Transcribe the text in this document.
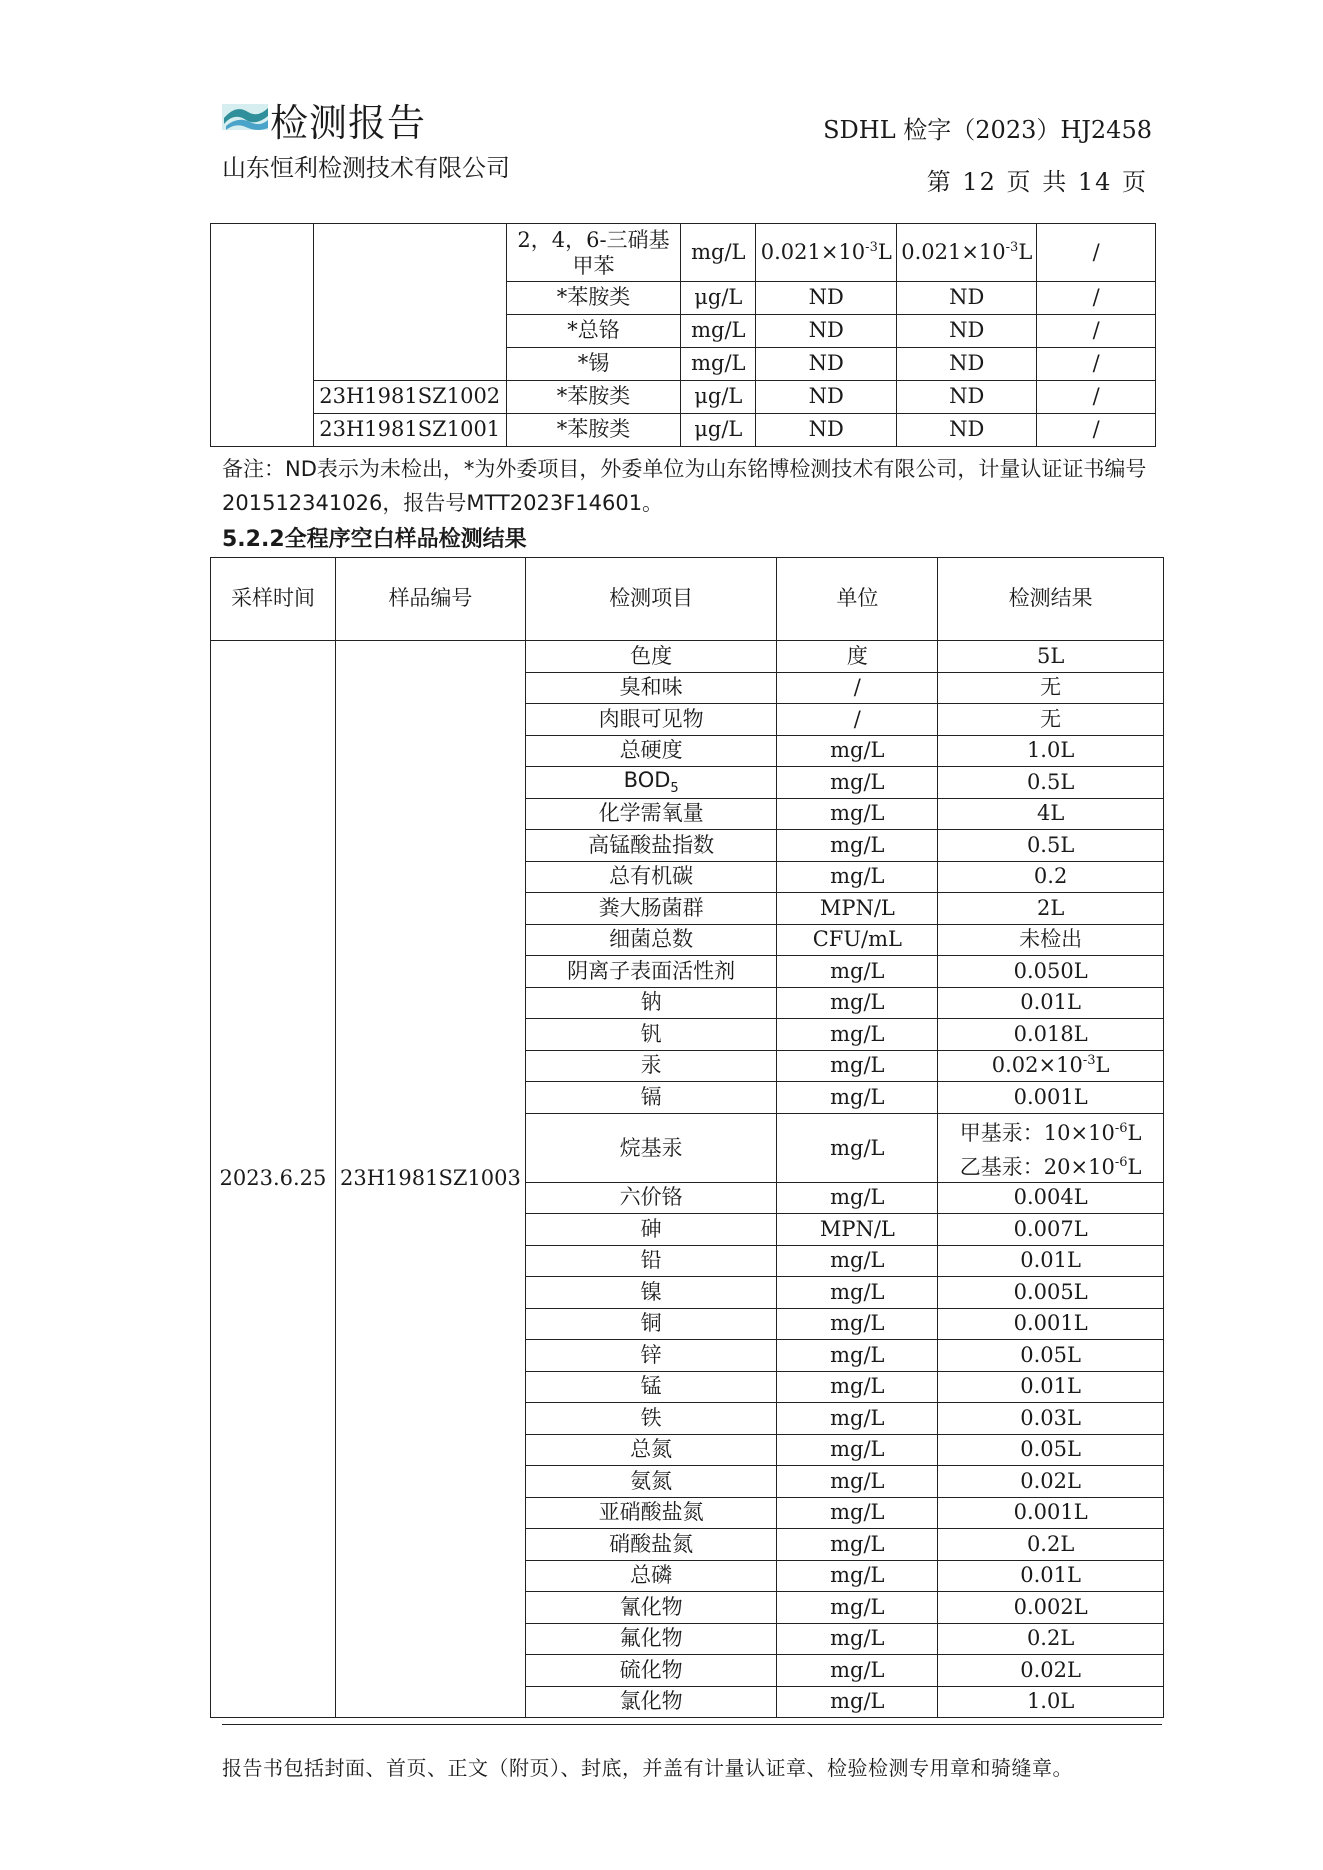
检测报告
山东恒利检测技术有限公司
SDHL 检字（2023）HJ2458
第 12 页 共 14 页
		2，4，6-三硝基甲苯	mg/L	$0.021\times 10^{-3}L$	$0.021\times 10^{-3}L$	/
		*苯胺类	μg/L	ND	ND	/
		*总铬	mg/L	ND	ND	/
		*锡	mg/L	ND	ND	/
	23H1981SZ1002	*苯胺类	μg/L	ND	ND	/
	23H1981SZ1001	*苯胺类	μg/L	ND	ND	/
备注：ND表示为未检出，*为外委项目，外委单位为山东铭博检测技术有限公司，计量认证证书编号201512341026，报告号MTT2023F14601。
5.2.2全程序空白样品检测结果
采样时间	样品编号	检测项目	单位	检测结果
2023.6.25	23H1981SZ1003	色度	度	5L
		臭和味	/	无
		肉眼可见物	/	无
		总硬度	mg/L	1.0L
		$BOD_5$	mg/L	0.5L
		化学需氧量	mg/L	4L
		高锰酸盐指数	mg/L	0.5L
		总有机碳	mg/L	0.2
		粪大肠菌群	MPN/L	2L
		细菌总数	CFU/mL	未检出
		阴离子表面活性剂	mg/L	0.050L
		钠	mg/L	0.01L
		钒	mg/L	0.018L
		汞	mg/L	$0.02\times 10^{-3}L$
		镉	mg/L	0.001L
		烷基汞	mg/L	甲基汞：$10\times 10^{-6}L$
乙基汞：$20\times 10^{-6}L$

		六价铬	mg/L	0.004L
		砷	MPN/L	0.007L
		铅	mg/L	0.01L
		镍	mg/L	0.005L
		铜	mg/L	0.001L
		锌	mg/L	0.05L
		锰	mg/L	0.01L
		铁	mg/L	0.03L
		总氮	mg/L	0.05L
		氨氮	mg/L	0.02L
		亚硝酸盐氮	mg/L	0.001L
		硝酸盐氮	mg/L	0.2L
		总磷	mg/L	0.01L
		氰化物	mg/L	0.002L
		氟化物	mg/L	0.2L
		硫化物	mg/L	0.02L
		氯化物	mg/L	1.0L
报告书包括封面、首页、正文（附页）、封底，并盖有计量认证章、检验检测专用章和骑缝章。
